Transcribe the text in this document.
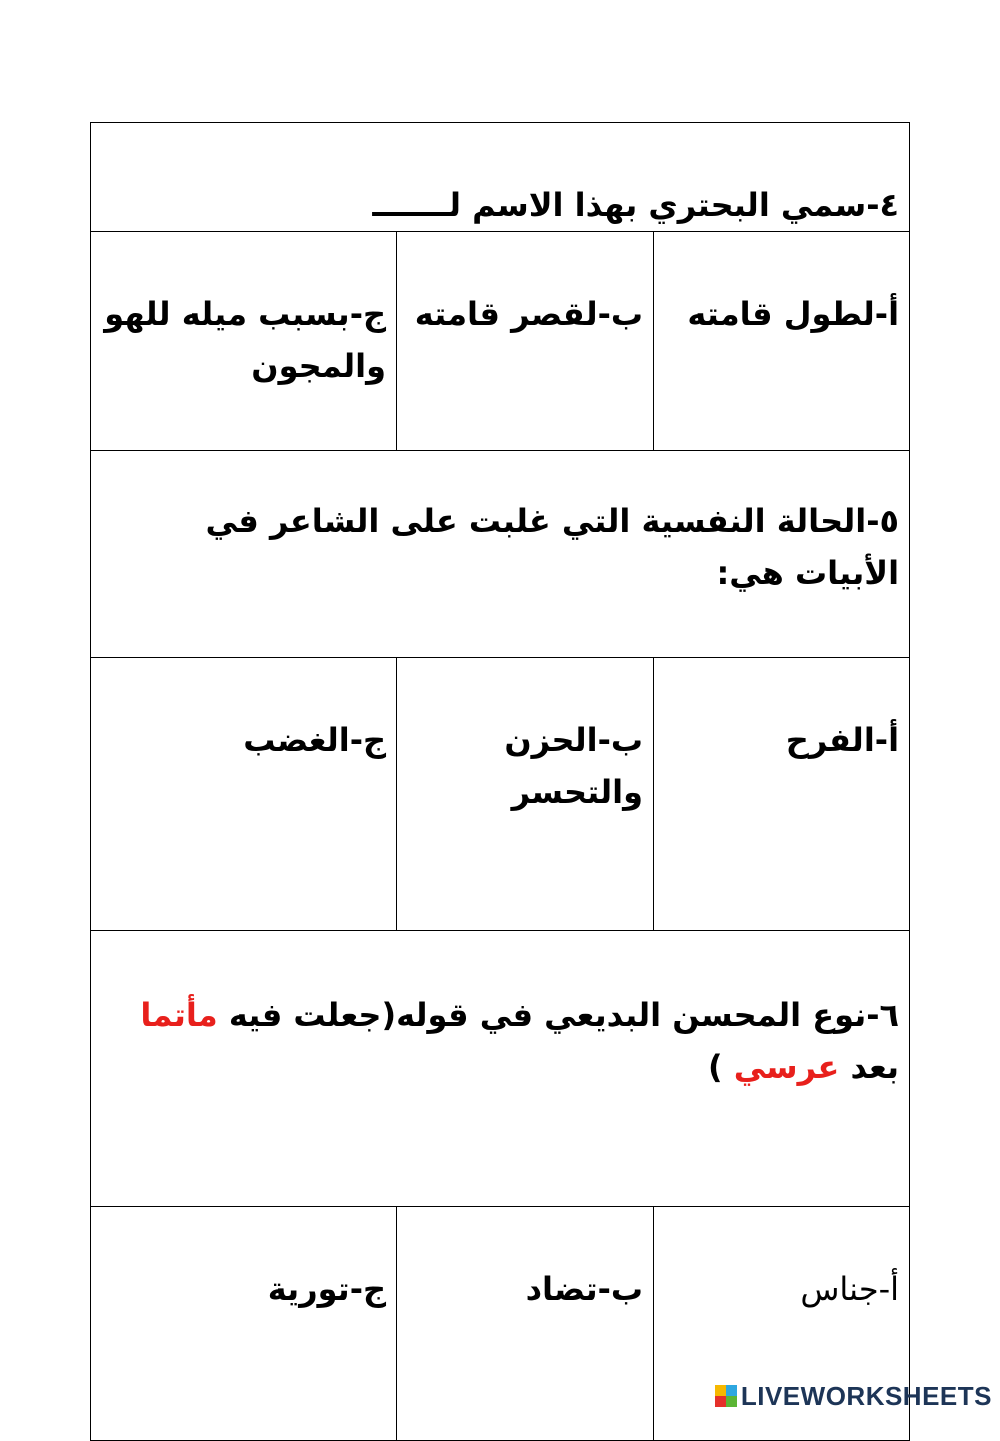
٤-سمي البحتري بهذا الاسم لـــــــ		
أ-لطول قامته	ب-لقصر قامته	ج-بسبب ميله للهو والمجون
٥-الحالة النفسية التي غلبت على الشاعر في الأبيات هي:		
أ-الفرح	ب-الحزن والتحسر	ج-الغضب
٦-نوع المحسن البديعي في قوله(جعلت فيه مأتما بعد عرسي )		
أ-جناس	ب-تضاد	ج-تورية
LIVEWORKSHEETS
